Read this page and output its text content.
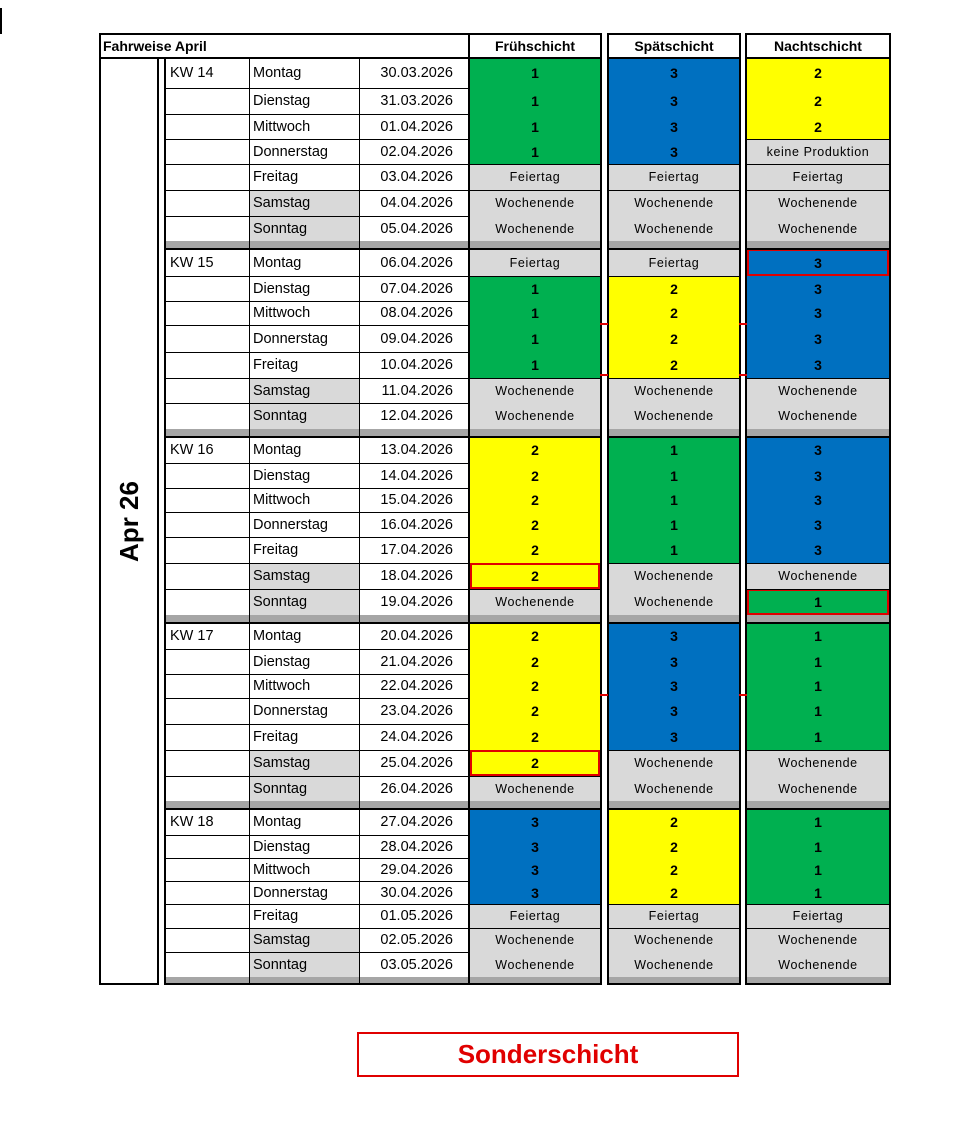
Fahrweise April	Frühschicht	Spätschicht	Nachtschicht
Apr 26
KW 14	Montag	30.03.2026	1	3	2
Dienstag	31.03.2026	1	3	2
Mittwoch	01.04.2026	1	3	2
Donnerstag	02.04.2026	1	3	keine Produktion
Freitag	03.04.2026	Feiertag	Feiertag	Feiertag
Samstag	04.04.2026	Wochenende	Wochenende	Wochenende
Sonntag	05.04.2026	Wochenende	Wochenende	Wochenende
KW 15	Montag	06.04.2026	Feiertag	Feiertag	3
Dienstag	07.04.2026	1	2	3
Mittwoch	08.04.2026	1	2	3
Donnerstag	09.04.2026	1	2	3
Freitag	10.04.2026	1	2	3
Samstag	11.04.2026	Wochenende	Wochenende	Wochenende
Sonntag	12.04.2026	Wochenende	Wochenende	Wochenende
KW 16	Montag	13.04.2026	2	1	3
Dienstag	14.04.2026	2	1	3
Mittwoch	15.04.2026	2	1	3
Donnerstag	16.04.2026	2	1	3
Freitag	17.04.2026	2	1	3
Samstag	18.04.2026	2	Wochenende	Wochenende
Sonntag	19.04.2026	Wochenende	Wochenende	1
KW 17	Montag	20.04.2026	2	3	1
Dienstag	21.04.2026	2	3	1
Mittwoch	22.04.2026	2	3	1
Donnerstag	23.04.2026	2	3	1
Freitag	24.04.2026	2	3	1
Samstag	25.04.2026	2	Wochenende	Wochenende
Sonntag	26.04.2026	Wochenende	Wochenende	Wochenende
KW 18	Montag	27.04.2026	3	2	1
Dienstag	28.04.2026	3	2	1
Mittwoch	29.04.2026	3	2	1
Donnerstag	30.04.2026	3	2	1
Freitag	01.05.2026	Feiertag	Feiertag	Feiertag
Samstag	02.05.2026	Wochenende	Wochenende	Wochenende
Sonntag	03.05.2026	Wochenende	Wochenende	Wochenende
Sonderschicht
